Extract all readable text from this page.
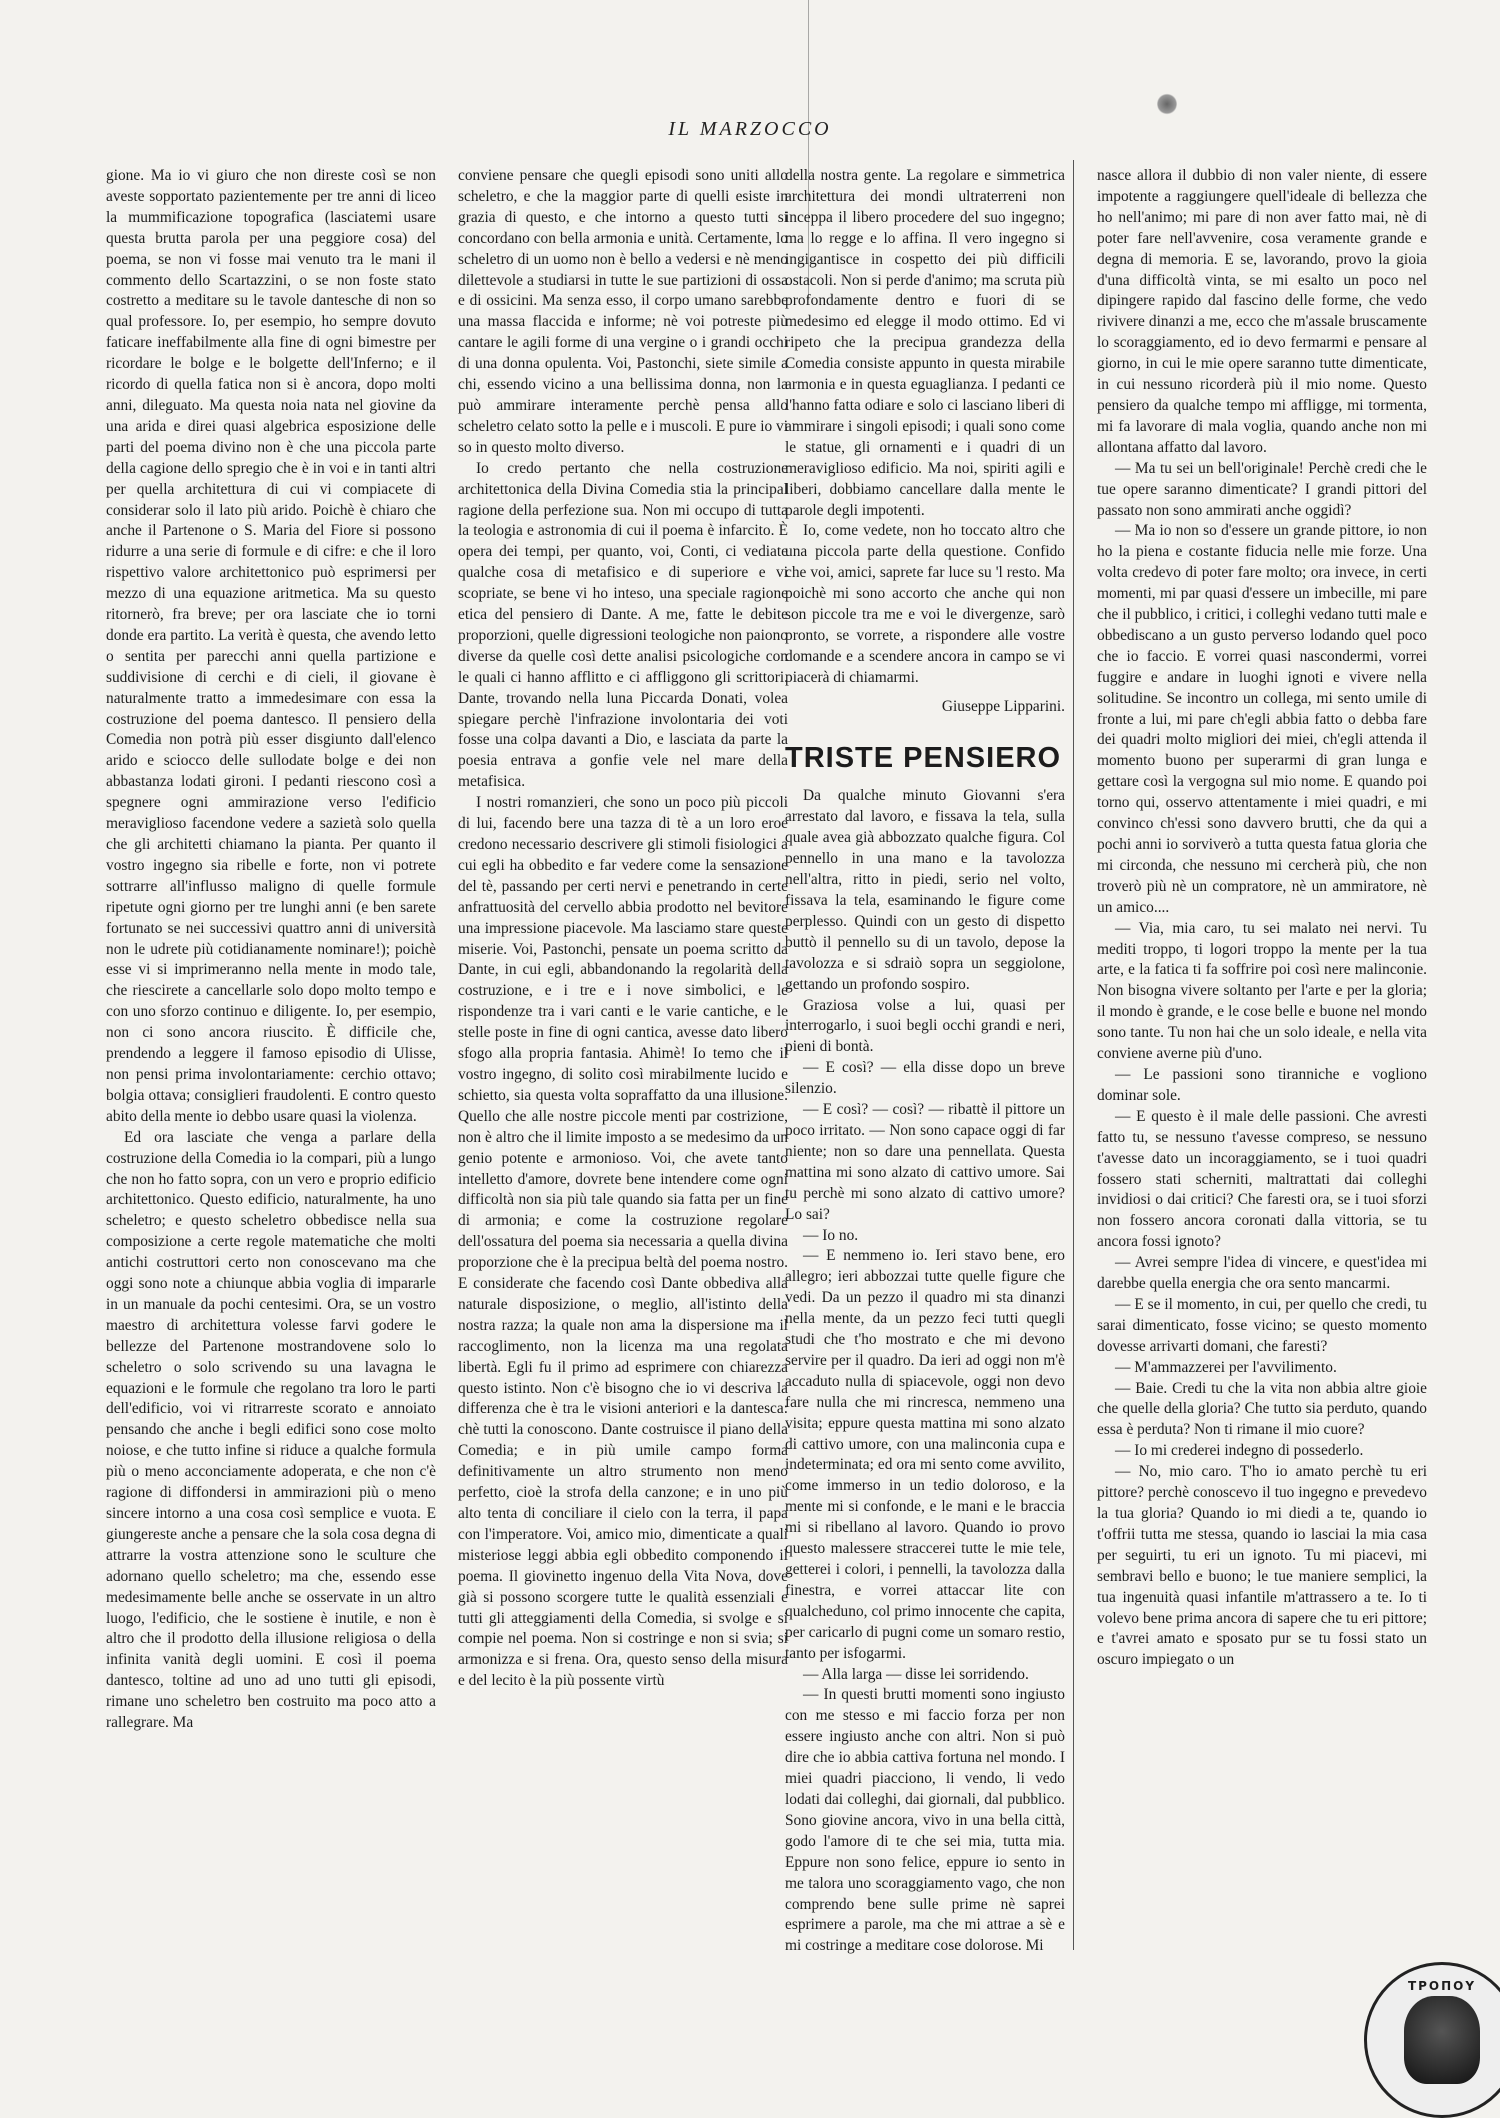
IL MARZOCCO

gione. Ma io vi giuro che non direste così se non aveste sopportato pazientemente per tre anni di liceo la mummificazione topografica (lasciatemi usare questa brutta parola per una peggiore cosa) del poema, se non vi fosse mai venuto tra le mani il commento dello Scartazzini, o se non foste stato costretto a meditare su le tavole dantesche di non so qual professore. Io, per esempio, ho sempre dovuto faticare ineffabilmente alla fine di ogni bimestre per ricordare le bolge e le bolgette dell'Inferno; e il ricordo di quella fatica non si è ancora, dopo molti anni, dileguato. Ma questa noia nata nel giovine da una arida e direi quasi algebrica esposizione delle parti del poema divino non è che una piccola parte della cagione dello spregio che è in voi e in tanti altri per quella architettura di cui vi compiacete di considerar solo il lato più arido. Poichè è chiaro che anche il Partenone o S. Maria del Fiore si possono ridurre a una serie di formule e di cifre: e che il loro rispettivo valore architettonico può esprimersi per mezzo di una equazione aritmetica. Ma su questo ritornerò, fra breve; per ora lasciate che io torni donde era partito. La verità è questa, che avendo letto o sentita per parecchi anni quella partizione e suddivisione di cerchi e di cieli, il giovane è naturalmente tratto a immedesimare con essa la costruzione del poema dantesco. Il pensiero della Comedia non potrà più esser disgiunto dall'elenco arido e sciocco delle sullodate bolge e dei non abbastanza lodati gironi. I pedanti riescono così a spegnere ogni ammirazione verso l'edificio meraviglioso facendone vedere a sazietà solo quella che gli architetti chiamano la pianta. Per quanto il vostro ingegno sia ribelle e forte, non vi potrete sottrarre all'influsso maligno di quelle formule ripetute ogni giorno per tre lunghi anni (e ben sarete fortunato se nei successivi quattro anni di università non le udrete più cotidianamente nominare!); poichè esse vi si imprimeranno nella mente in modo tale, che riescirete a cancellarle solo dopo molto tempo e con uno sforzo continuo e diligente. Io, per esempio, non ci sono ancora riuscito. È difficile che, prendendo a leggere il famoso episodio di Ulisse, non pensi prima involontariamente: cerchio ottavo; bolgia ottava; consiglieri fraudolenti. E contro questo abito della mente io debbo usare quasi la violenza.

Ed ora lasciate che venga a parlare della costruzione della Comedia io la compari, più a lungo che non ho fatto sopra, con un vero e proprio edificio architettonico. Questo edificio, naturalmente, ha uno scheletro; e questo scheletro obbedisce nella sua composizione a certe regole matematiche che molti antichi costruttori certo non conoscevano ma che oggi sono note a chiunque abbia voglia di impararle in un manuale da pochi centesimi. Ora, se un vostro maestro di architettura volesse farvi godere le bellezze del Partenone mostrandovene solo lo scheletro o solo scrivendo su una lavagna le equazioni e le formule che regolano tra loro le parti dell'edificio, voi vi ritrarreste scorato e annoiato pensando che anche i begli edifici sono cose molto noiose, e che tutto infine si riduce a qualche formula più o meno acconciamente adoperata, e che non c'è ragione di diffondersi in ammirazioni più o meno sincere intorno a una cosa così semplice e vuota. E giungereste anche a pensare che la sola cosa degna di attrarre la vostra attenzione sono le sculture che adornano quello scheletro; ma che, essendo esse medesimamente belle anche se osservate in un altro luogo, l'edificio, che le sostiene è inutile, e non è altro che il prodotto della illusione religiosa o della infinita vanità degli uomini. E così il poema dantesco, toltine ad uno ad uno tutti gli episodi, rimane uno scheletro ben costruito ma poco atto a rallegrare. Ma

conviene pensare che quegli episodi sono uniti allo scheletro, e che la maggior parte di quelli esiste in grazia di questo, e che intorno a questo tutti si concordano con bella armonia e unità. Certamente, lo scheletro di un uomo non è bello a vedersi e nè meno dilettevole a studiarsi in tutte le sue partizioni di ossa e di ossicini. Ma senza esso, il corpo umano sarebbe una massa flaccida e informe; nè voi potreste più cantare le agili forme di una vergine o i grandi occhi di una donna opulenta. Voi, Pastonchi, siete simile a chi, essendo vicino a una bellissima donna, non la può ammirare interamente perchè pensa allo scheletro celato sotto la pelle e i muscoli. E pure io vi so in questo molto diverso.

Io credo pertanto che nella costruzione architettonica della Divina Comedia stia la principal ragione della perfezione sua. Non mi occupo di tutta la teologia e astronomia di cui il poema è infarcito. È opera dei tempi, per quanto, voi, Conti, ci vediate qualche cosa di metafisico e di superiore e vi scopriate, se bene vi ho inteso, una speciale ragione etica del pensiero di Dante. A me, fatte le debite proporzioni, quelle digressioni teologiche non paiono diverse da quelle così dette analisi psicologiche con le quali ci hanno afflitto e ci affliggono gli scrittori. Dante, trovando nella luna Piccarda Donati, volea spiegare perchè l'infrazione involontaria dei voti fosse una colpa davanti a Dio, e lasciata da parte la poesia entrava a gonfie vele nel mare della metafisica.

I nostri romanzieri, che sono un poco più piccoli di lui, facendo bere una tazza di tè a un loro eroe credono necessario descrivere gli stimoli fisiologici a cui egli ha obbedito e far vedere come la sensazione del tè, passando per certi nervi e penetrando in certe anfrattuosità del cervello abbia prodotto nel bevitore una impressione piacevole. Ma lasciamo stare queste miserie. Voi, Pastonchi, pensate un poema scritto da Dante, in cui egli, abbandonando la regolarità della costruzione, e i tre e i nove simbolici, e le rispondenze tra i vari canti e le varie cantiche, e le stelle poste in fine di ogni cantica, avesse dato libero sfogo alla propria fantasia. Ahimè! Io temo che il vostro ingegno, di solito così mirabilmente lucido e schietto, sia questa volta sopraffatto da una illusione. Quello che alle nostre piccole menti par costrizione, non è altro che il limite imposto a se medesimo da un genio potente e armonioso. Voi, che avete tanto intelletto d'amore, dovrete bene intendere come ogni difficoltà non sia più tale quando sia fatta per un fine di armonia; e come la costruzione regolare dell'ossatura del poema sia necessaria a quella divina proporzione che è la precipua beltà del poema nostro. E considerate che facendo così Dante obbediva alla naturale disposizione, o meglio, all'istinto della nostra razza; la quale non ama la dispersione ma il raccoglimento, non la licenza ma una regolata libertà. Egli fu il primo ad esprimere con chiarezza questo istinto. Non c'è bisogno che io vi descriva la differenza che è tra le visioni anteriori e la dantesca: chè tutti la conoscono. Dante costruisce il piano della Comedia; e in più umile campo forma definitivamente un altro strumento non meno perfetto, cioè la strofa della canzone; e in uno più alto tenta di conciliare il cielo con la terra, il papa con l'imperatore. Voi, amico mio, dimenticate a quali misteriose leggi abbia egli obbedito componendo il poema. Il giovinetto ingenuo della Vita Nova, dove già si possono scorgere tutte le qualità essenziali e tutti gli atteggiamenti della Comedia, si svolge e si compie nel poema. Non si costringe e non si svia; si armonizza e si frena. Ora, questo senso della misura e del lecito è la più possente virtù

della nostra gente. La regolare e simmetrica architettura dei mondi ultraterreni non inceppa il libero procedere del suo ingegno; ma lo regge e lo affina. Il vero ingegno si ingigantisce in cospetto dei più difficili ostacoli. Non si perde d'animo; ma scruta più profondamente dentro e fuori di se medesimo ed elegge il modo ottimo. Ed vi ripeto che la precipua grandezza della Comedia consiste appunto in questa mirabile armonia e in questa eguaglianza. I pedanti ce l'hanno fatta odiare e solo ci lasciano liberi di ammirare i singoli episodi; i quali sono come le statue, gli ornamenti e i quadri di un meraviglioso edificio. Ma noi, spiriti agili e liberi, dobbiamo cancellare dalla mente le parole degli impotenti.

Io, come vedete, non ho toccato altro che una piccola parte della questione. Confido che voi, amici, saprete far luce su 'l resto. Ma poichè mi sono accorto che anche qui non son piccole tra me e voi le divergenze, sarò pronto, se vorrete, a rispondere alle vostre domande e a scendere ancora in campo se vi piacerà di chiamarmi.

Giuseppe Lipparini.
TRISTE PENSIERO

Da qualche minuto Giovanni s'era arrestato dal lavoro, e fissava la tela, sulla quale avea già abbozzato qualche figura. Col pennello in una mano e la tavolozza nell'altra, ritto in piedi, serio nel volto, fissava la tela, esaminando le figure come perplesso. Quindi con un gesto di dispetto buttò il pennello su di un tavolo, depose la tavolozza e si sdraiò sopra un seggiolone, gettando un profondo sospiro.

Graziosa volse a lui, quasi per interrogarlo, i suoi begli occhi grandi e neri, pieni di bontà.

— E così? — ella disse dopo un breve silenzio.

— E così? — così? — ribattè il pittore un poco irritato. — Non sono capace oggi di far niente; non so dare una pennellata. Questa mattina mi sono alzato di cattivo umore. Sai tu perchè mi sono alzato di cattivo umore? Lo sai?

— Io no.

— E nemmeno io. Ieri stavo bene, ero allegro; ieri abbozzai tutte quelle figure che vedi. Da un pezzo il quadro mi sta dinanzi nella mente, da un pezzo feci tutti quegli studi che t'ho mostrato e che mi devono servire per il quadro. Da ieri ad oggi non m'è accaduto nulla di spiacevole, oggi non devo fare nulla che mi rincresca, nemmeno una visita; eppure questa mattina mi sono alzato di cattivo umore, con una malinconia cupa e indeterminata; ed ora mi sento come avvilito, come immerso in un tedio doloroso, e la mente mi si confonde, e le mani e le braccia mi si ribellano al lavoro. Quando io provo questo malessere straccerei tutte le mie tele, getterei i colori, i pennelli, la tavolozza dalla finestra, e vorrei attaccar lite con qualcheduno, col primo innocente che capita, per caricarlo di pugni come un somaro restio, tanto per isfogarmi.

— Alla larga — disse lei sorridendo.

— In questi brutti momenti sono ingiusto con me stesso e mi faccio forza per non essere ingiusto anche con altri. Non si può dire che io abbia cattiva fortuna nel mondo. I miei quadri piacciono, li vendo, li vedo lodati dai colleghi, dai giornali, dal pubblico. Sono giovine ancora, vivo in una bella città, godo l'amore di te che sei mia, tutta mia. Eppure non sono felice, eppure io sento in me talora uno scoraggiamento vago, che non comprendo bene sulle prime nè saprei esprimere a parole, ma che mi attrae a sè e mi costringe a meditare cose dolorose. Mi

nasce allora il dubbio di non valer niente, di essere impotente a raggiungere quell'ideale di bellezza che ho nell'animo; mi pare di non aver fatto mai, nè di poter fare nell'avvenire, cosa veramente grande e degna di memoria. E se, lavorando, provo la gioia d'una difficoltà vinta, se mi esalto un poco nel dipingere rapido dal fascino delle forme, che vedo rivivere dinanzi a me, ecco che m'assale bruscamente lo scoraggiamento, ed io devo fermarmi e pensare al giorno, in cui le mie opere saranno tutte dimenticate, in cui nessuno ricorderà più il mio nome. Questo pensiero da qualche tempo mi affligge, mi tormenta, mi fa lavorare di mala voglia, quando anche non mi allontana affatto dal lavoro.

— Ma tu sei un bell'originale! Perchè credi che le tue opere saranno dimenticate? I grandi pittori del passato non sono ammirati anche oggidì?

— Ma io non so d'essere un grande pittore, io non ho la piena e costante fiducia nelle mie forze. Una volta credevo di poter fare molto; ora invece, in certi momenti, mi par quasi d'essere un imbecille, mi pare che il pubblico, i critici, i colleghi vedano tutti male e obbediscano a un gusto perverso lodando quel poco che io faccio. E vorrei quasi nascondermi, vorrei fuggire e andare in luoghi ignoti e vivere nella solitudine. Se incontro un collega, mi sento umile di fronte a lui, mi pare ch'egli abbia fatto o debba fare dei quadri molto migliori dei miei, ch'egli attenda il momento buono per superarmi di gran lunga e gettare così la vergogna sul mio nome. E quando poi torno qui, osservo attentamente i miei quadri, e mi convinco ch'essi sono davvero brutti, che da qui a pochi anni io sorviverò a tutta questa fatua gloria che mi circonda, che nessuno mi cercherà più, che non troverò più nè un compratore, nè un ammiratore, nè un amico....

— Via, mia caro, tu sei malato nei nervi. Tu mediti troppo, ti logori troppo la mente per la tua arte, e la fatica ti fa soffrire poi così nere malinconie. Non bisogna vivere soltanto per l'arte e per la gloria; il mondo è grande, e le cose belle e buone nel mondo sono tante. Tu non hai che un solo ideale, e nella vita conviene averne più d'uno.

— Le passioni sono tiranniche e vogliono dominar sole.

— E questo è il male delle passioni. Che avresti fatto tu, se nessuno t'avesse compreso, se nessuno t'avesse dato un incoraggiamento, se i tuoi quadri fossero stati scherniti, maltrattati dai colleghi invidiosi o dai critici? Che faresti ora, se i tuoi sforzi non fossero ancora coronati dalla vittoria, se tu ancora fossi ignoto?

— Avrei sempre l'idea di vincere, e quest'idea mi darebbe quella energia che ora sento mancarmi.

— E se il momento, in cui, per quello che credi, tu sarai dimenticato, fosse vicino; se questo momento dovesse arrivarti domani, che faresti?

— M'ammazzerei per l'avvilimento.

— Baie. Credi tu che la vita non abbia altre gioie che quelle della gloria? Che tutto sia perduto, quando essa è perduta? Non ti rimane il mio cuore?

— Io mi crederei indegno di possederlo.

— No, mio caro. T'ho io amato perchè tu eri pittore? perchè conoscevo il tuo ingegno e prevedevo la tua gloria? Quando io mi diedi a te, quando io t'offrii tutta me stessa, quando io lasciai la mia casa per seguirti, tu eri un ignoto. Tu mi piacevi, mi sembravi bello e buono; le tue maniere semplici, la tua ingenuità quasi infantile m'attrassero a te. Io ti volevo bene prima ancora di sapere che tu eri pittore; e t'avrei amato e sposato pur se tu fossi stato un oscuro impiegato o un

ΤΡΟΠΟΥ
